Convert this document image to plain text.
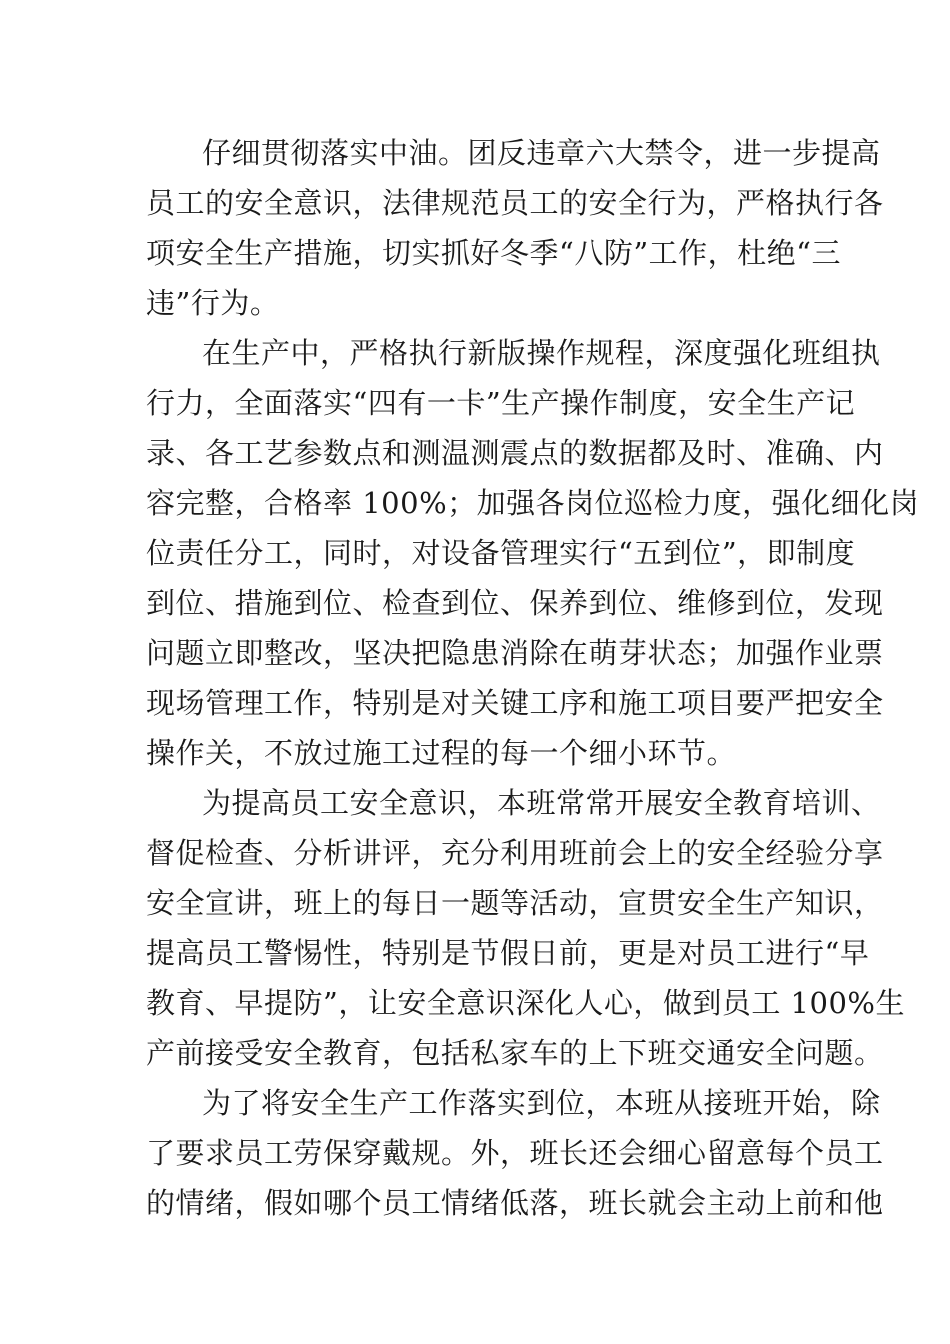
仔细贯彻落实中油。团反违章六大禁令，进一步提高
员工的安全意识，法律规范员工的安全行为，严格执行各
项安全生产措施，切实抓好冬季“八防”工作，杜绝“三
违”行为。
在生产中，严格执行新版操作规程，深度强化班组执
行力，全面落实“四有一卡”生产操作制度，安全生产记
录、各工艺参数点和测温测震点的数据都及时、准确、内
容完整，合格率 100%；加强各岗位巡检力度，强化细化岗
位责任分工，同时，对设备管理实行“五到位”，即制度
到位、措施到位、检查到位、保养到位、维修到位，发现
问题立即整改，坚决把隐患消除在萌芽状态；加强作业票
现场管理工作，特别是对关键工序和施工项目要严把安全
操作关，不放过施工过程的每一个细小环节。
为提高员工安全意识，本班常常开展安全教育培训、
督促检查、分析讲评，充分利用班前会上的安全经验分享
安全宣讲，班上的每日一题等活动，宣贯安全生产知识，
提高员工警惕性，特别是节假日前，更是对员工进行“早
教育、早提防”，让安全意识深化人心，做到员工 100%生
产前接受安全教育，包括私家车的上下班交通安全问题。
为了将安全生产工作落实到位，本班从接班开始，除
了要求员工劳保穿戴规。外，班长还会细心留意每个员工
的情绪，假如哪个员工情绪低落，班长就会主动上前和他
